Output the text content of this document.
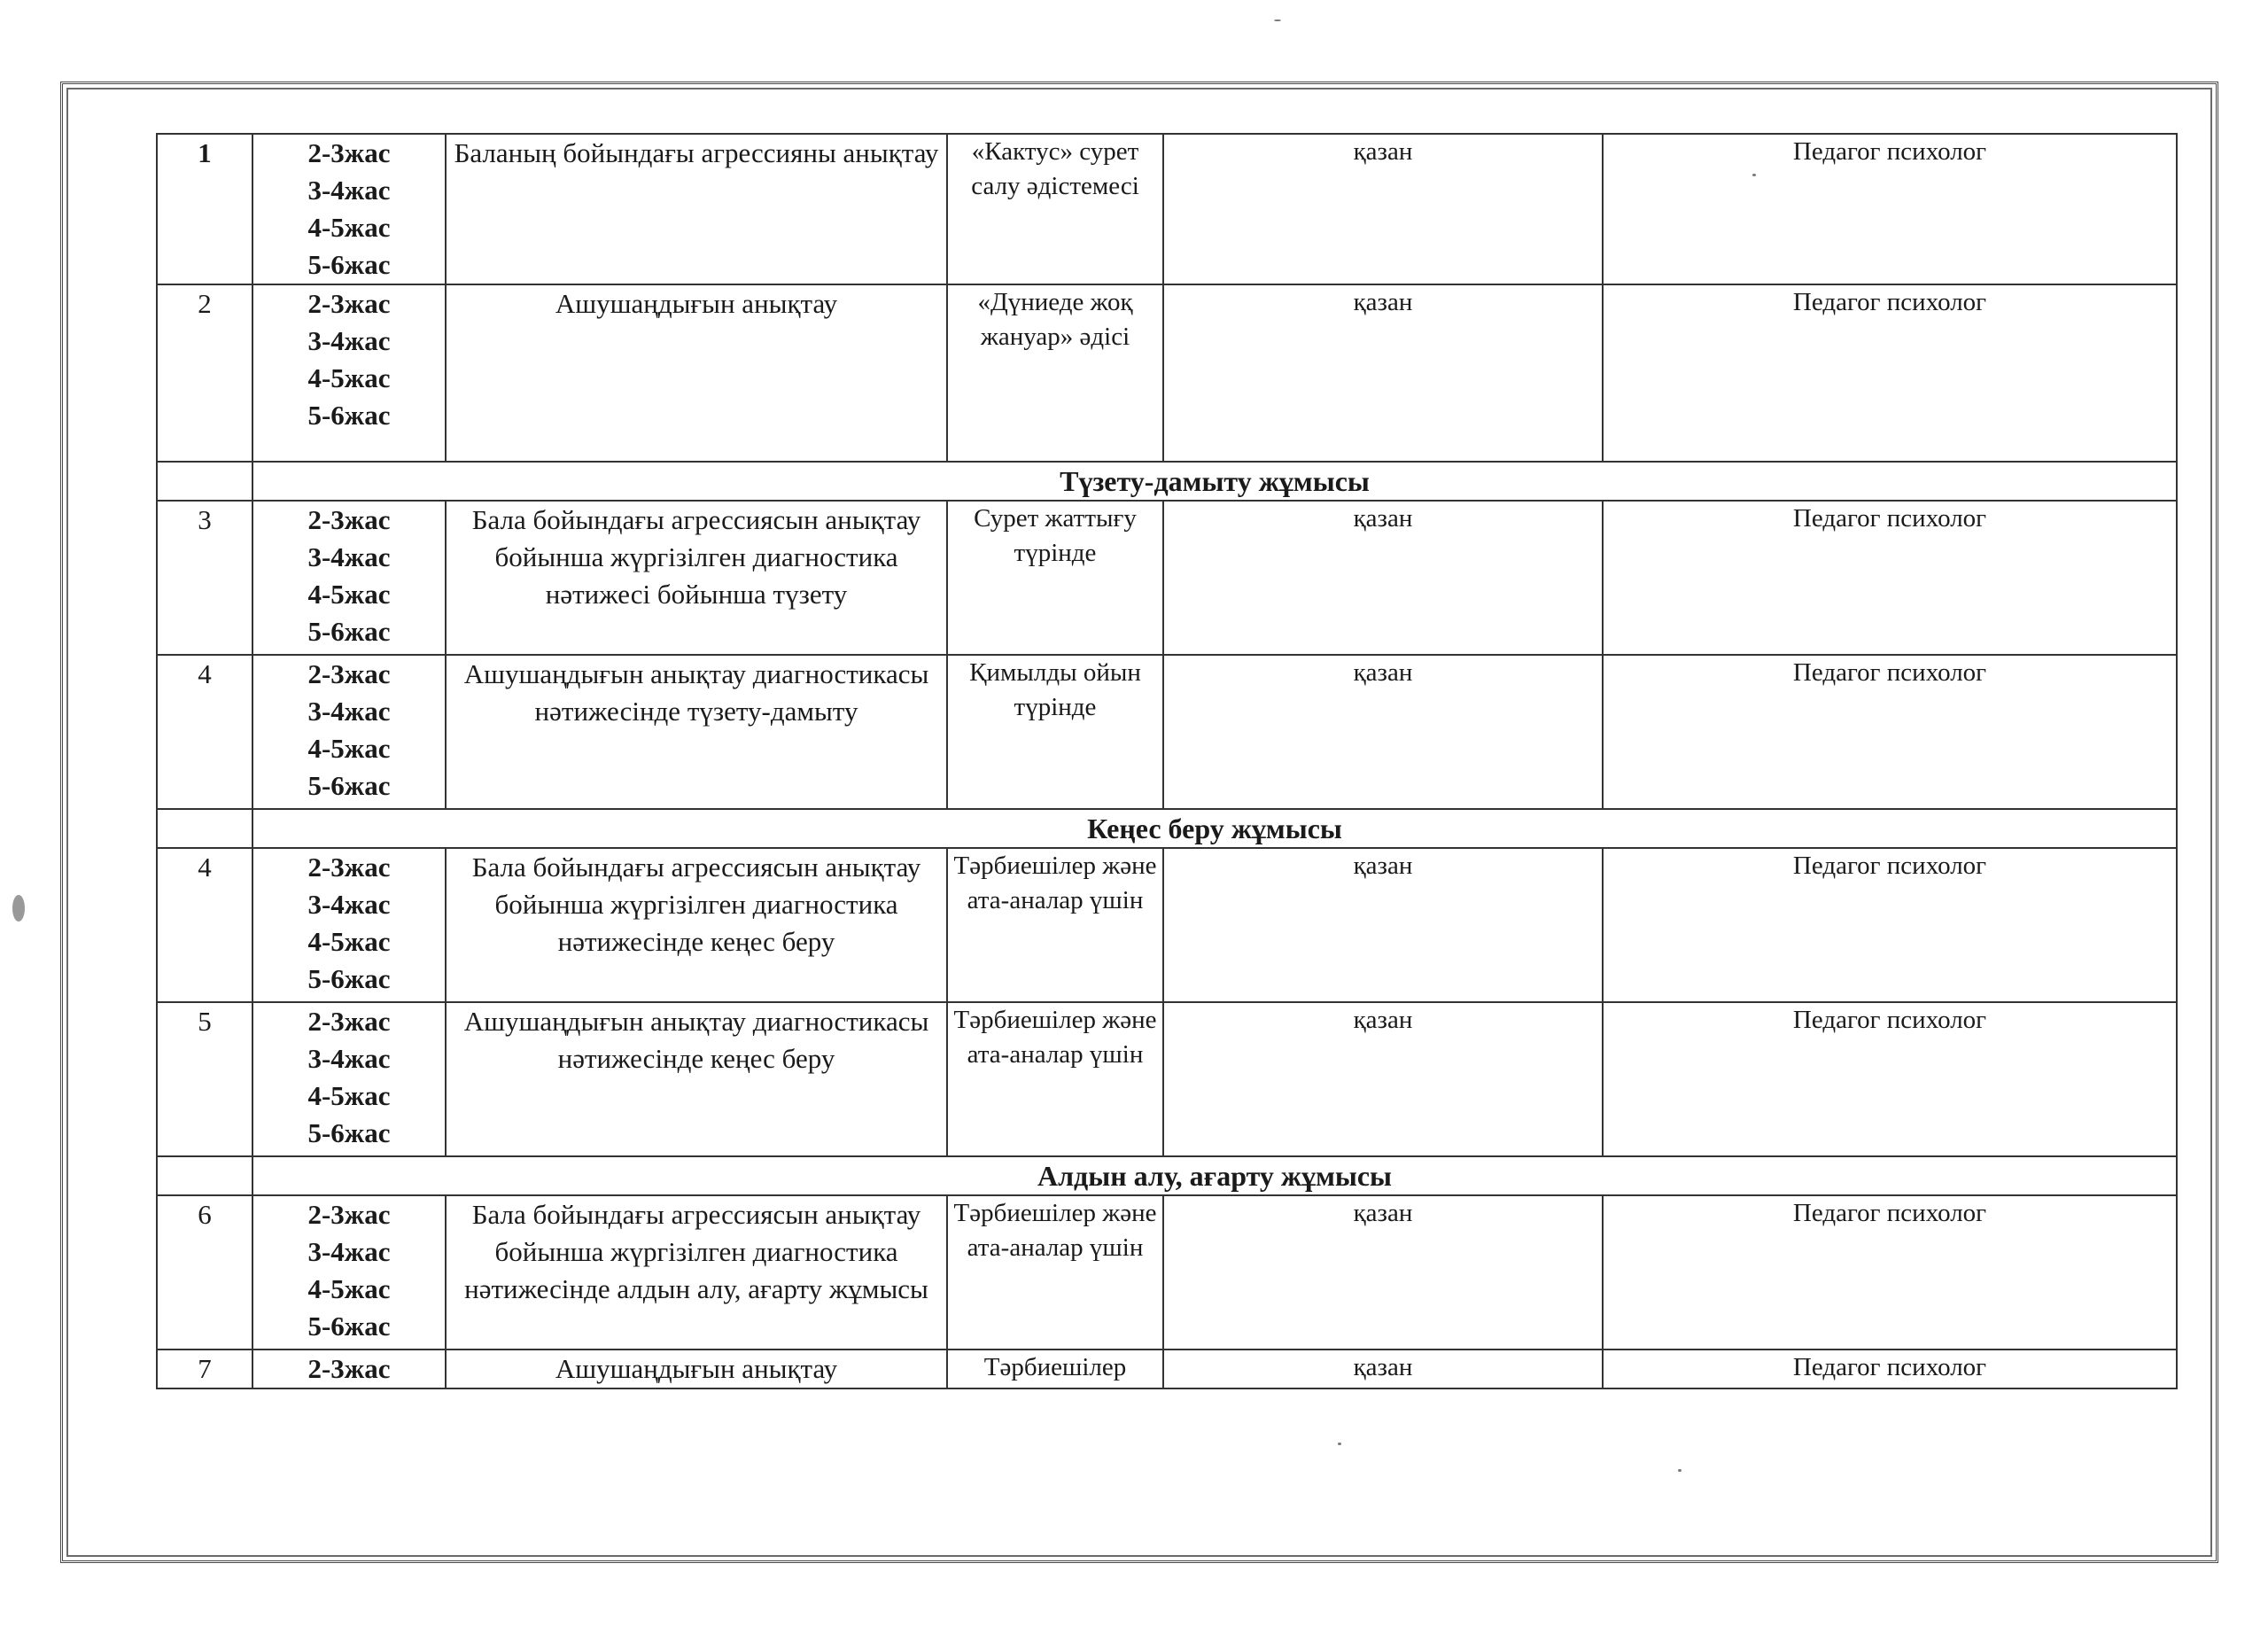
1	2-3жас
3-4жас
4-5жас
5-6жас	Баланың бойындағы агрессияны анықтау	«Кактус» сурет салу әдістемесі	қазан	Педагог психолог
2	2-3жас
3-4жас
4-5жас
5-6жас	Ашушаңдығын анықтау	«Дүниеде жоқ жануар» әдісі	қазан	Педагог психолог
	Түзету-дамыту жұмысы				
3	2-3жас
3-4жас
4-5жас
5-6жас	Бала бойындағы агрессиясын анықтау бойынша жүргізілген диагностика нәтижесі бойынша түзету	Сурет жаттығу түрінде	қазан	Педагог психолог
4	2-3жас
3-4жас
4-5жас
5-6жас	Ашушаңдығын анықтау диагностикасы нәтижесінде түзету-дамыту	Қимылды ойын түрінде	қазан	Педагог психолог
	Кеңес беру жұмысы				
4	2-3жас
3-4жас
4-5жас
5-6жас	Бала бойындағы агрессиясын анықтау бойынша жүргізілген диагностика нәтижесінде кеңес беру	Тәрбиешілер және ата-аналар үшін	қазан	Педагог психолог
5	2-3жас
3-4жас
4-5жас
5-6жас	Ашушаңдығын анықтау диагностикасы нәтижесінде кеңес беру	Тәрбиешілер және ата-аналар үшін	қазан	Педагог психолог
	Алдын алу, ағарту жұмысы				
6	2-3жас
3-4жас
4-5жас
5-6жас	Бала бойындағы агрессиясын анықтау бойынша жүргізілген диагностика нәтижесінде алдын алу, ағарту жұмысы	Тәрбиешілер және ата-аналар үшін	қазан	Педагог психолог
7	2-3жас	Ашушаңдығын анықтау	Тәрбиешілер	қазан	Педагог психолог
